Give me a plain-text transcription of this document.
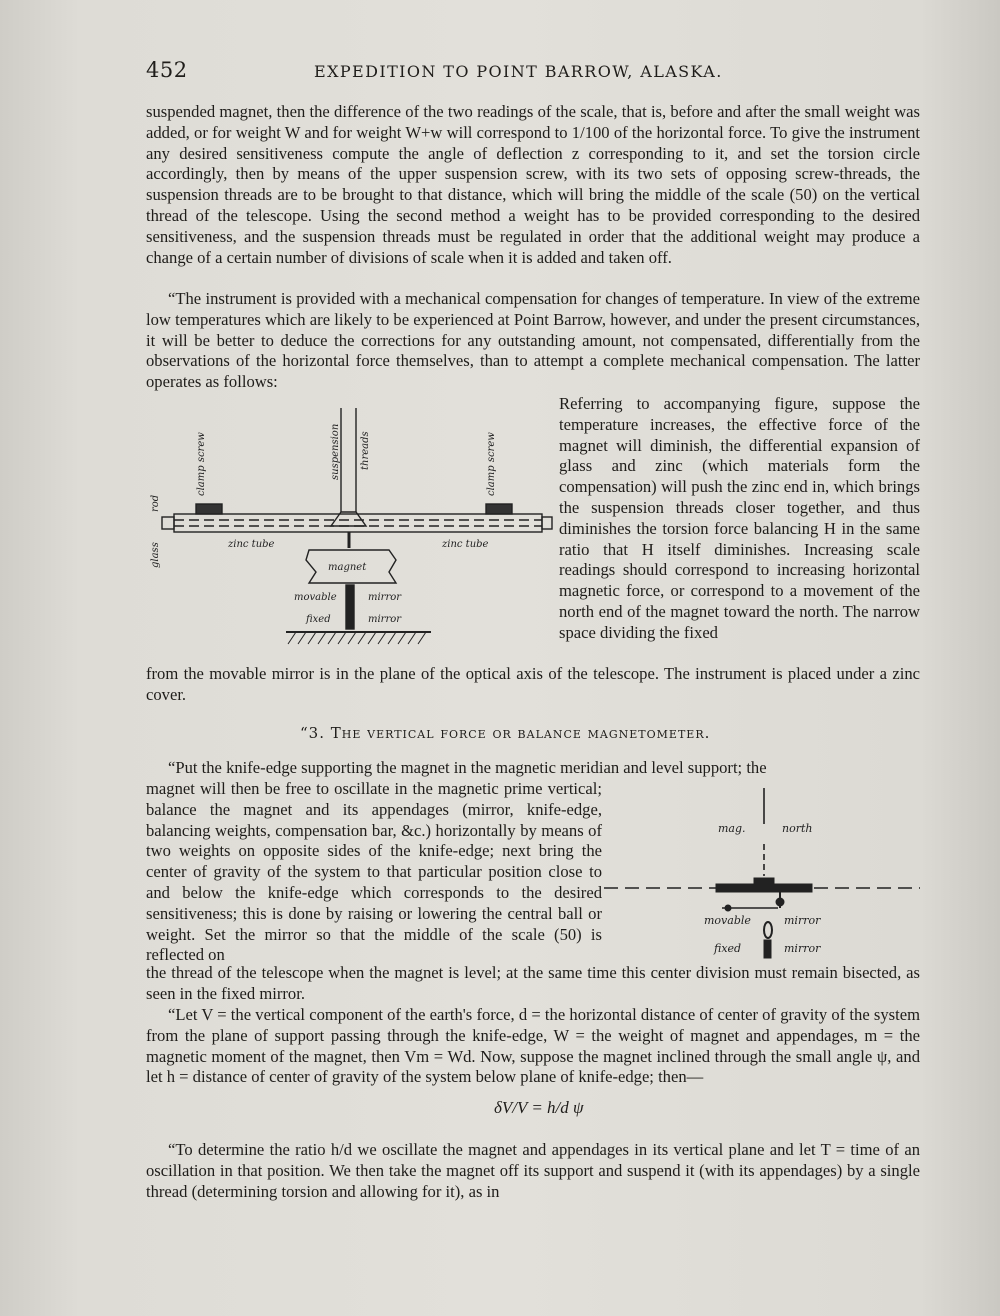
452	EXPEDITION TO POINT BARROW, ALASKA.

suspended magnet, then the difference of the two readings of the scale, that is, before and after the small weight was added, or for weight W and for weight W+w will correspond to 1/100 of the horizontal force. To give the instrument any desired sensitiveness compute the angle of deflection z corresponding to it, and set the torsion circle accordingly, then by means of the upper suspension screw, with its two sets of opposing screw-threads, the suspension threads are to be brought to that distance, which will bring the middle of the scale (50) on the vertical thread of the telescope. Using the second method a weight has to be provided corresponding to the desired sensitiveness, and the suspension threads must be regulated in order that the additional weight may produce a change of a certain number of divisions of scale when it is added and taken off.

“The instrument is provided with a mechanical compensation for changes of temperature. In view of the extreme low temperatures which are likely to be experienced at Point Barrow, however, and under the present circumstances, it will be better to deduce the corrections for any outstanding amount, not compensated, differentially from the observations of the horizontal force themselves, than to attempt a complete mechanical compensation. The latter operates as follows:

rod
clamp screw	suspension threads	clamp screw
glass	zinc tube	zinc tube
magnet
movable	mirror
fixed	mirror

Referring to accompanying figure, suppose the temperature increases, the effective force of the magnet will diminish, the differential expansion of glass and zinc (which materials form the compensation) will push the zinc end in, which brings the suspension threads closer together, and thus diminishes the torsion force balancing H in the same ratio that H itself diminishes. Increasing scale readings should correspond to increasing horizontal magnetic force, or correspond to a movement of the north end of the magnet toward the north. The narrow space dividing the fixed

from the movable mirror is in the plane of the optical axis of the telescope. The instrument is placed under a zinc cover.

“3. The vertical force or balance magnetometer.

“Put the knife-edge supporting the magnet in the magnetic meridian and level support; the

magnet will then be free to oscillate in the magnetic prime vertical; balance the magnet and its appendages (mirror, knife-edge, balancing weights, compensation bar, &c.) horizontally by means of two weights on opposite sides of the knife-edge; next bring the center of gravity of the system to that particular position close to and below the knife-edge which corresponds to the desired sensitiveness; this is done by raising or lowering the central ball or weight. Set the mirror so that the middle of the scale (50) is reflected on

mag.	north
movable	mirror
fixed	mirror

the thread of the telescope when the magnet is level; at the same time this center division must remain bisected, as seen in the fixed mirror.

“Let V = the vertical component of the earth's force, d = the horizontal distance of center of gravity of the system from the plane of support passing through the knife-edge, W = the weight of magnet and appendages, m = the magnetic moment of the magnet, then Vm = Wd. Now, suppose the magnet inclined through the small angle ψ, and let h = distance of center of gravity of the system below plane of knife-edge; then—

δV/V = h/d ψ

“To determine the ratio h/d we oscillate the magnet and appendages in its vertical plane and let T = time of an oscillation in that position. We then take the magnet off its support and suspend it (with its appendages) by a single thread (determining torsion and allowing for it), as in
